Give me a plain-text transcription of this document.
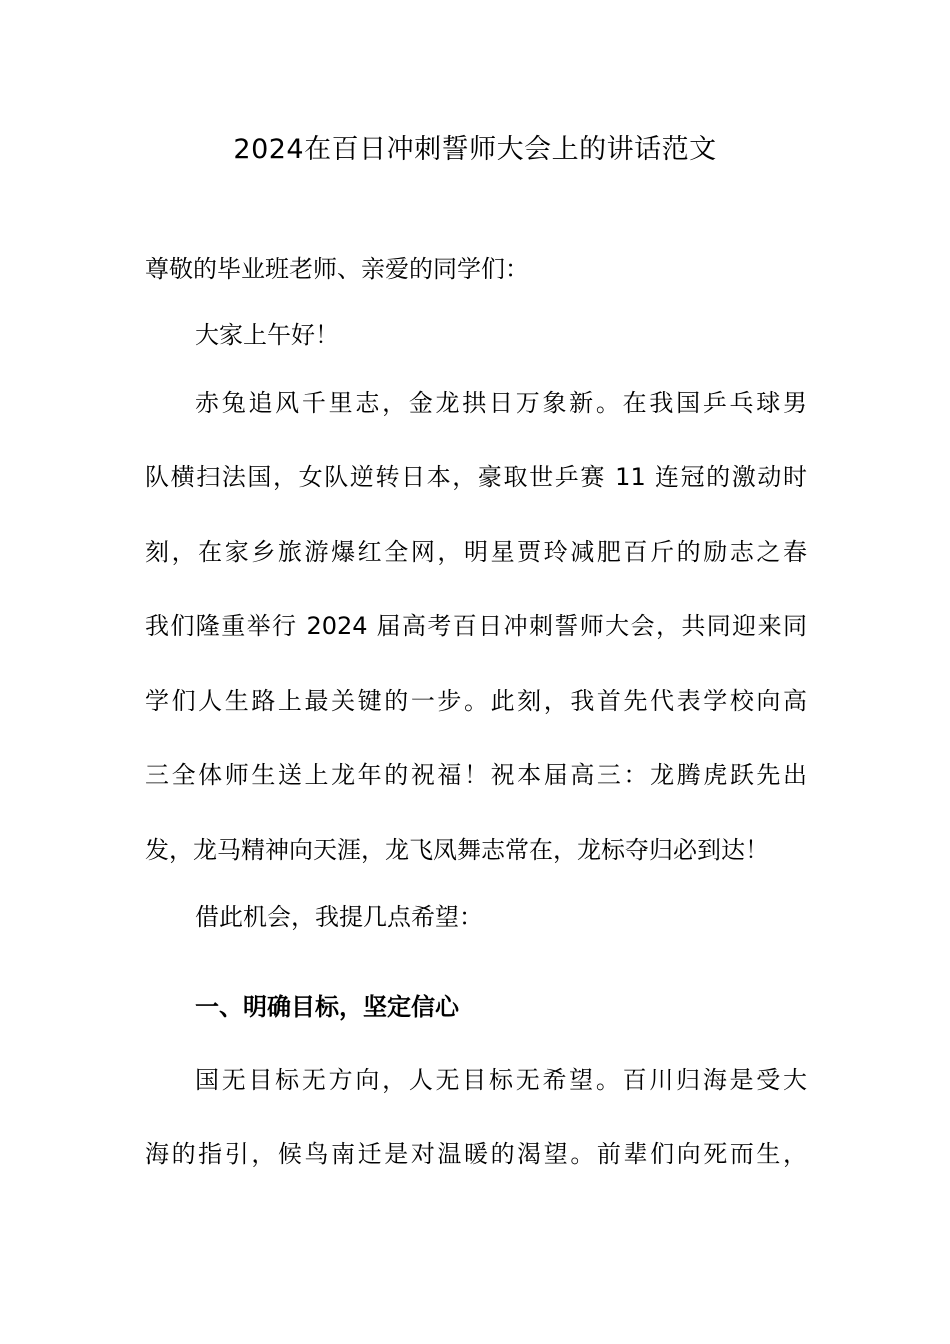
2024在百日冲刺誓师大会上的讲话范文
尊敬的毕业班老师、亲爱的同学们：
大家上午好！
赤兔追风千里志，金龙拱日万象新。在我国乒乓球男
队横扫法国，女队逆转日本，豪取世乒赛 11 连冠的激动时
刻，在家乡旅游爆红全网，明星贾玲减肥百斤的励志之春
我们隆重举行 2024 届高考百日冲刺誓师大会，共同迎来同
学们人生路上最关键的一步。此刻，我首先代表学校向高
三全体师生送上龙年的祝福！祝本届高三：龙腾虎跃先出
发，龙马精神向天涯，龙飞凤舞志常在，龙标夺归必到达！
借此机会，我提几点希望：
一、明确目标，坚定信心
国无目标无方向，人无目标无希望。百川归海是受大
海的指引，候鸟南迁是对温暖的渴望。前辈们向死而生，
